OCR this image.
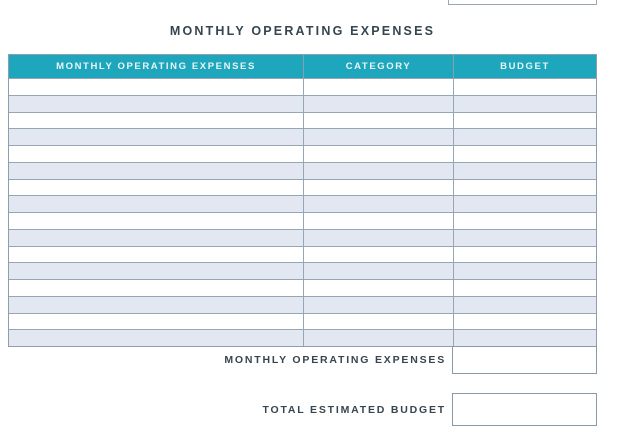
MONTHLY OPERATING EXPENSES
MONTHLY OPERATING EXPENSES	CATEGORY	BUDGET
MONTHLY OPERATING EXPENSES
TOTAL ESTIMATED BUDGET
